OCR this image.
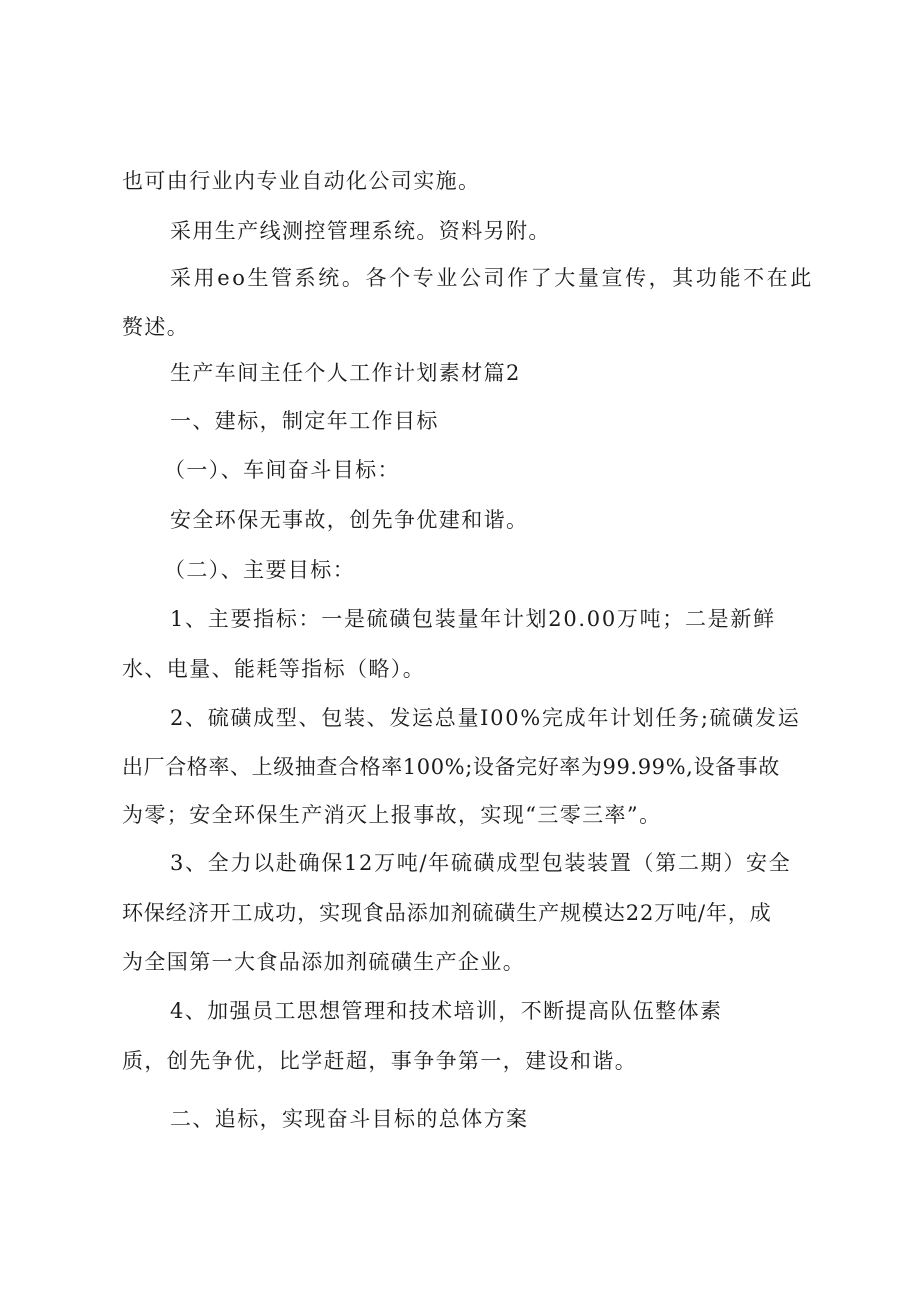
也可由行业内专业自动化公司实施。
采用生产线测控管理系统。资料另附。
采用eo生管系统。各个专业公司作了大量宣传，其功能不在此
赘述。
生产车间主任个人工作计划素材篇2
一、建标，制定年工作目标
（一）、车间奋斗目标：
安全环保无事故，创先争优建和谐。
（二）、主要目标：
1、主要指标：一是硫磺包装量年计划20.00万吨；二是新鲜
水、电量、能耗等指标（略）。
2、硫磺成型、包装、发运总量I00%完成年计划任务;硫磺发运
出厂合格率、上级抽查合格率100%;设备完好率为99.99%,设备事故
为零；安全环保生产消灭上报事故，实现“三零三率”。
3、全力以赴确保12万吨/年硫磺成型包装装置（第二期）安全
环保经济开工成功，实现食品添加剂硫磺生产规模达22万吨/年，成
为全国第一大食品添加剂硫磺生产企业。
4、加强员工思想管理和技术培训，不断提高队伍整体素
质，创先争优，比学赶超，事争争第一，建设和谐。
二、追标，实现奋斗目标的总体方案
